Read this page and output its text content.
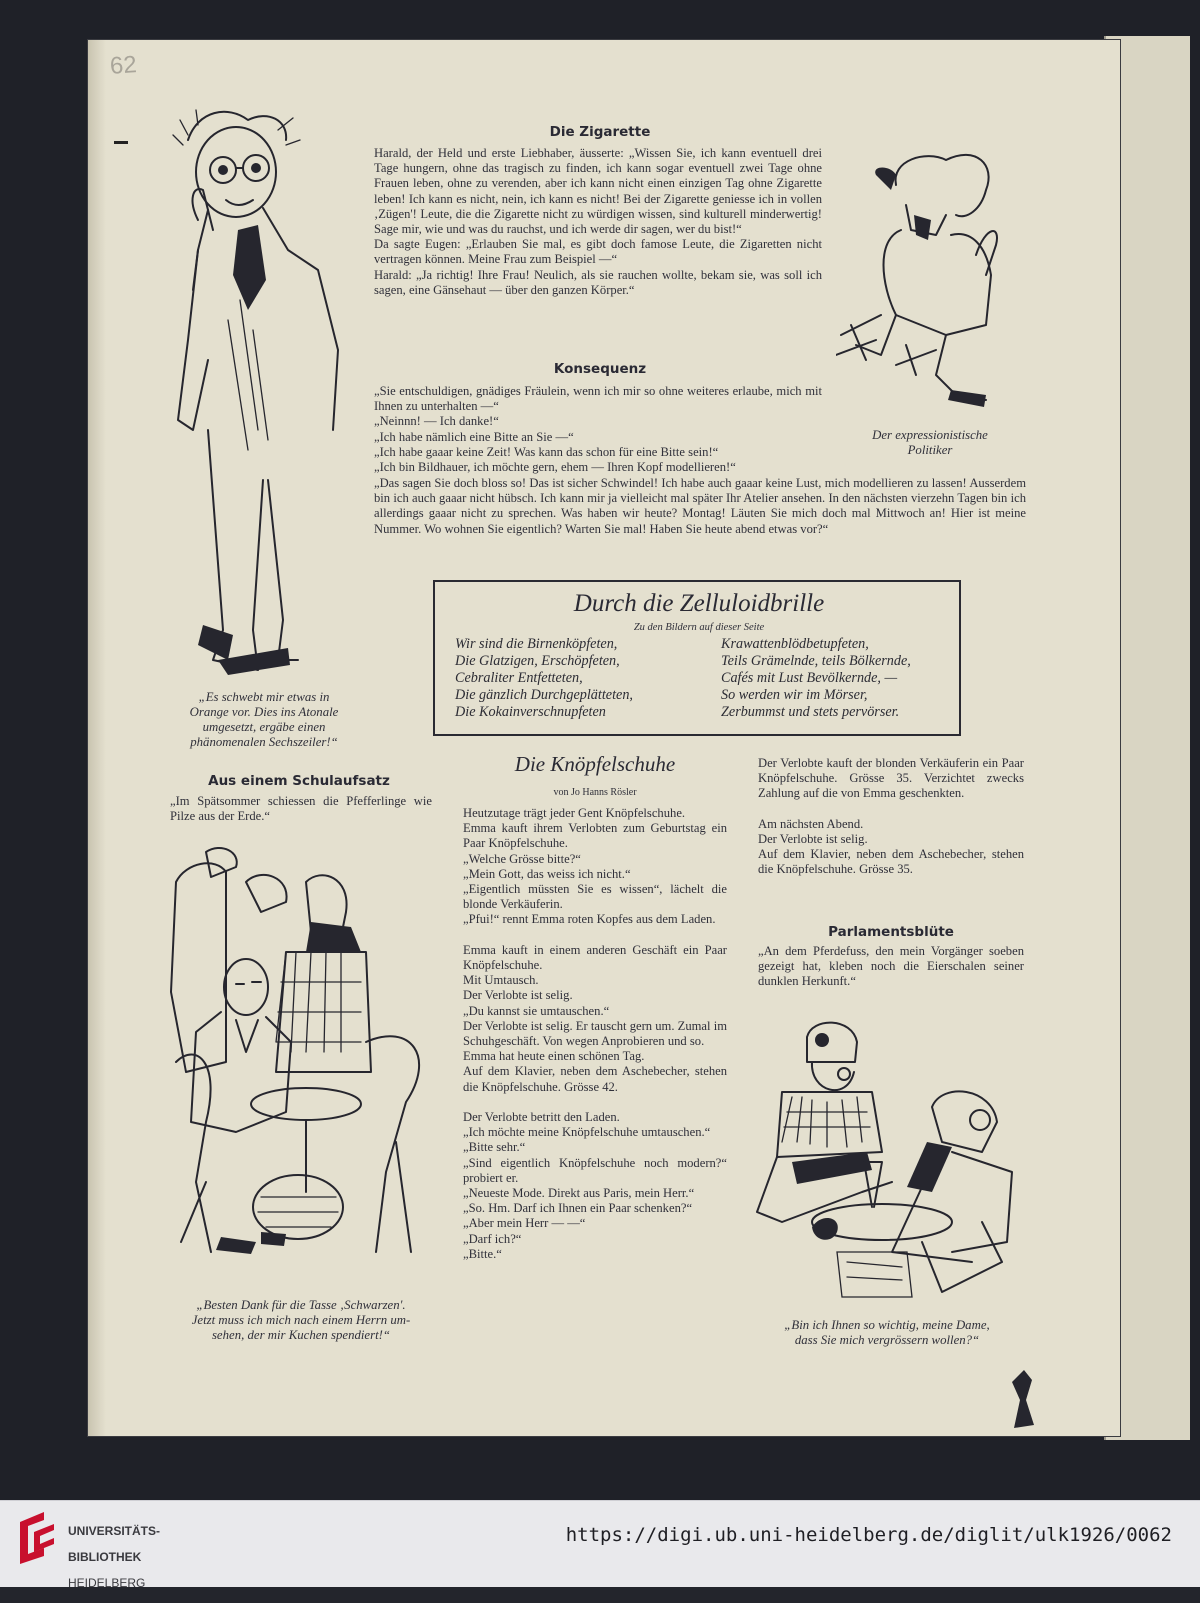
62
„Es schwebt mir etwas in
Orange vor. Dies ins Atonale
umgesetzt, ergäbe einen
phänomenalen Sechszeiler!“
Die Zigarette
Harald, der Held und erste Liebhaber, äusserte: „Wissen Sie, ich kann eventuell drei Tage hungern, ohne das tragisch zu finden, ich kann sogar eventuell zwei Tage ohne Frauen leben, ohne zu verenden, aber ich kann nicht einen einzigen Tag ohne Zigarette leben! Ich kann es nicht, nein, ich kann es nicht! Bei der Zigarette geniesse ich in vollen ‚Zügen'! Leute, die die Zigarette nicht zu würdigen wissen, sind kulturell minderwertig! Sage mir, wie und was du rauchst, und ich werde dir sagen, wer du bist!“
Da sagte Eugen: „Erlauben Sie mal, es gibt doch famose Leute, die Zigaretten nicht vertragen können. Meine Frau zum Beispiel —“
Harald: „Ja richtig! Ihre Frau! Neulich, als sie rauchen wollte, bekam sie, was soll ich sagen, eine Gänsehaut — über den ganzen Körper.“
Der expressionistische
Politiker
Konsequenz
„Sie entschuldigen, gnädiges Fräulein, wenn ich mir so ohne weiteres erlaube, mich mit Ihnen zu unterhalten —“
„Neinnn! — Ich danke!“
„Ich habe nämlich eine Bitte an Sie —“
„Ich habe gaaar keine Zeit! Was kann das schon für eine Bitte sein!“
„Ich bin Bildhauer, ich möchte gern, ehem — Ihren Kopf modellieren!“
„Das sagen Sie doch bloss so! Das ist sicher Schwindel! Ich habe auch gaaar keine Lust, mich modellieren zu lassen! Ausserdem bin ich auch gaaar nicht hübsch. Ich kann mir ja vielleicht mal später Ihr Atelier ansehen. In den nächsten vierzehn Tagen bin ich allerdings gaaar nicht zu sprechen. Was haben wir heute? Montag! Läuten Sie mich doch mal Mittwoch an! Hier ist meine Nummer. Wo wohnen Sie eigentlich? Warten Sie mal! Haben Sie heute abend etwas vor?“
Durch die Zelluloidbrille
Zu den Bildern auf dieser Seite
Wir sind die Birnenköpfeten,
Die Glatzigen, Erschöpfeten,
Cebraliter Entfetteten,
Die gänzlich Durchgeplätteten,
Die Kokainverschnupfeten
Krawattenblödbetupfeten,
Teils Grämelnde, teils Bölkernde,
Cafés mit Lust Bevölkernde, —
So werden wir im Mörser,
Zerbummst und stets pervörser.
Aus einem Schulaufsatz
„Im Spätsommer schiessen die Pfefferlinge wie Pilze aus der Erde.“
„Besten Dank für die Tasse ‚Schwarzen'.
Jetzt muss ich mich nach einem Herrn um-
sehen, der mir Kuchen spendiert!“
Die Knöpfelschuhe
von Jo Hanns Rösler
Heutzutage trägt jeder Gent Knöpfelschuhe.
Emma kauft ihrem Verlobten zum Geburtstag ein Paar Knöpfelschuhe.
„Welche Grösse bitte?“
„Mein Gott, das weiss ich nicht.“
„Eigentlich müssten Sie es wissen“, lächelt die blonde Verkäuferin.
„Pfui!“ rennt Emma roten Kopfes aus dem Laden.

Emma kauft in einem anderen Geschäft ein Paar Knöpfelschuhe.
Mit Umtausch.
Der Verlobte ist selig.
„Du kannst sie umtauschen.“
Der Verlobte ist selig. Er tauscht gern um. Zumal im Schuhgeschäft. Von wegen Anprobieren und so.
Emma hat heute einen schönen Tag.
Auf dem Klavier, neben dem Aschebecher, stehen die Knöpfelschuhe. Grösse 42.

Der Verlobte betritt den Laden.
„Ich möchte meine Knöpfelschuhe umtauschen.“
„Bitte sehr.“
„Sind eigentlich Knöpfelschuhe noch modern?“ probiert er.
„Neueste Mode. Direkt aus Paris, mein Herr.“
„So. Hm. Darf ich Ihnen ein Paar schenken?“
„Aber mein Herr — —“
„Darf ich?“
„Bitte.“
Der Verlobte kauft der blonden Verkäuferin ein Paar Knöpfelschuhe. Grösse 35. Verzichtet zwecks Zahlung auf die von Emma geschenkten.

Am nächsten Abend.
Der Verlobte ist selig.
Auf dem Klavier, neben dem Aschebecher, stehen die Knöpfelschuhe. Grösse 35.
Parlamentsblüte
„An dem Pferdefuss, den mein Vorgänger soeben gezeigt hat, kleben noch die Eierschalen seiner dunklen Herkunft.“
„Bin ich Ihnen so wichtig, meine Dame,
dass Sie mich vergrössern wollen?“

UNIVERSITÄTS-

BIBLIOTHEK

HEIDELBERG

https://digi.ub.uni-heidelberg.de/diglit/ulk1926/0062
